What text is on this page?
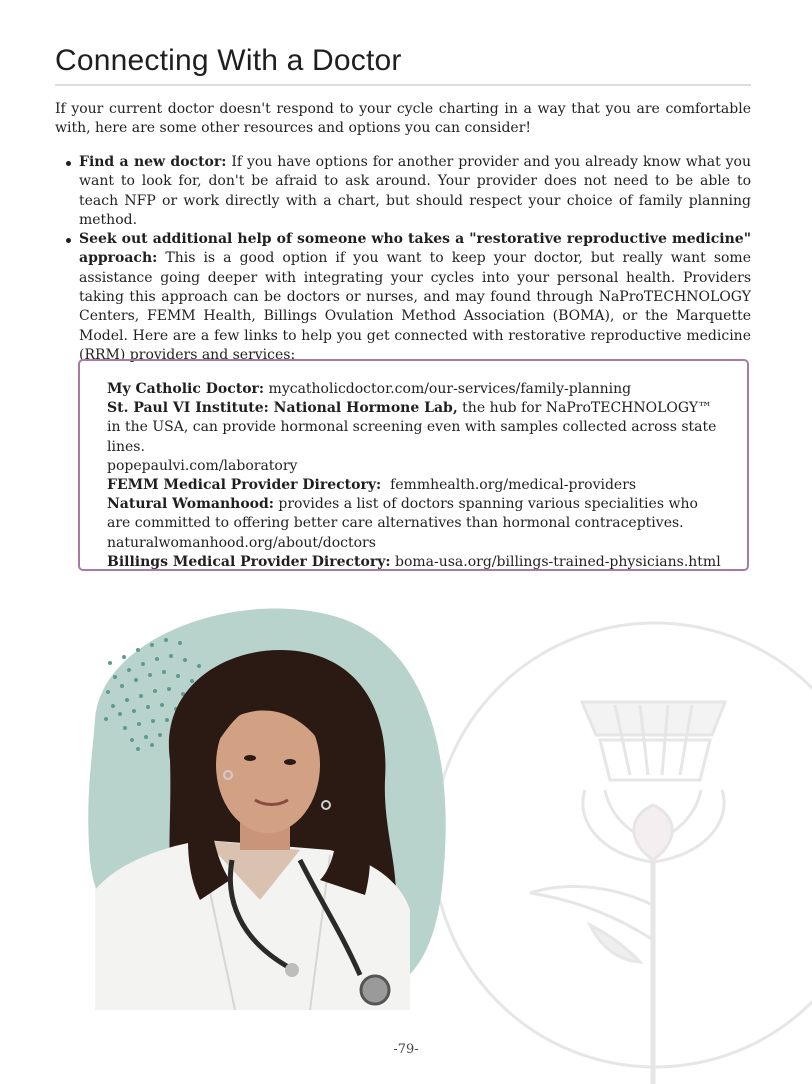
Connecting With a Doctor

If your current doctor doesn't respond to your cycle charting in a way that you are comfortable with, here are some other resources and options you can consider!

Find a new doctor: If you have options for another provider and you already know what you want to look for, don't be afraid to ask around. Your provider does not need to be able to teach NFP or work directly with a chart, but should respect your choice of family planning method.
Seek out additional help of someone who takes a "restorative reproductive medicine" approach: This is a good option if you want to keep your doctor, but really want some assistance going deeper with integrating your cycles into your personal health. Providers taking this approach can be doctors or nurses, and may found through NaProTECHNOLOGY Centers, FEMM Health, Billings Ovulation Method Association (BOMA), or the Marquette Model. Here are a few links to help you get connected with restorative reproductive medicine (RRM) providers and services:

My Catholic Doctor: mycatholicdoctor.com/our-services/family-planning

St. Paul VI Institute: National Hormone Lab, the hub for NaProTECHNOLOGY™ in the USA, can provide hormonal screening even with samples collected across state lines.

popepaulvi.com/laboratory

FEMM Medical Provider Directory:  femmhealth.org/medical-providers

Natural Womanhood: provides a list of doctors spanning various specialities who are committed to offering better care alternatives than hormonal contraceptives.

naturalwomanhood.org/about/doctors

Billings Medical Provider Directory: boma-usa.org/billings-trained-physicians.html

-79-
